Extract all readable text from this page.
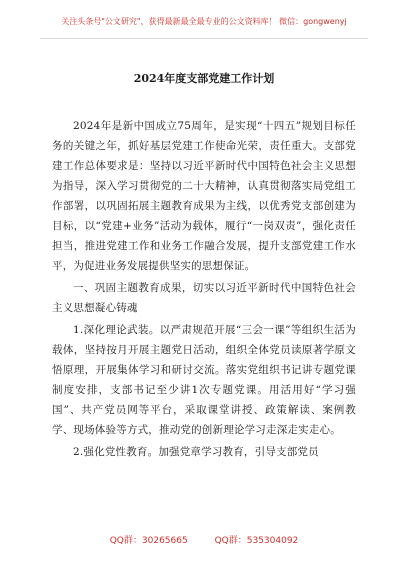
关注头条号"公文研究"，获得最新最全最专业的公文资料库！ 微信：gongwenyj
2024年度支部党建工作计划

2024年是新中国成立75周年，是实现“十四五”规划目标任务的关键之年，抓好基层党建工作使命光荣，责任重大。支部党建工作总体要求是：坚持以习近平新时代中国特色社会主义思想为指导，深入学习贯彻党的二十大精神，认真贯彻落实局党组工作部署，以巩固拓展主题教育成果为主线，以优秀党支部创建为目标，以“党建+业务”活动为载体，履行“一岗双责”，强化责任担当，推进党建工作和业务工作融合发展，提升支部党建工作水平，为促进业务发展提供坚实的思想保证。

一、巩固主题教育成果，切实以习近平新时代中国特色社会主义思想凝心铸魂

1.深化理论武装。以严肃规范开展“三会一课”等组织生活为载体，坚持按月开展主题党日活动，组织全体党员读原著学原文悟原理，开展集体学习和研讨交流。落实党组织书记讲专题党课制度安排，支部书记至少讲1次专题党课。用活用好“学习强国”、共产党员网等平台，采取课堂讲授、政策解读、案例教学、现场体验等方式，推动党的创新理论学习走深走实走心。

2.强化党性教育。加强党章学习教育，引导支部党员

QQ群：30265665	QQ群：535304092
